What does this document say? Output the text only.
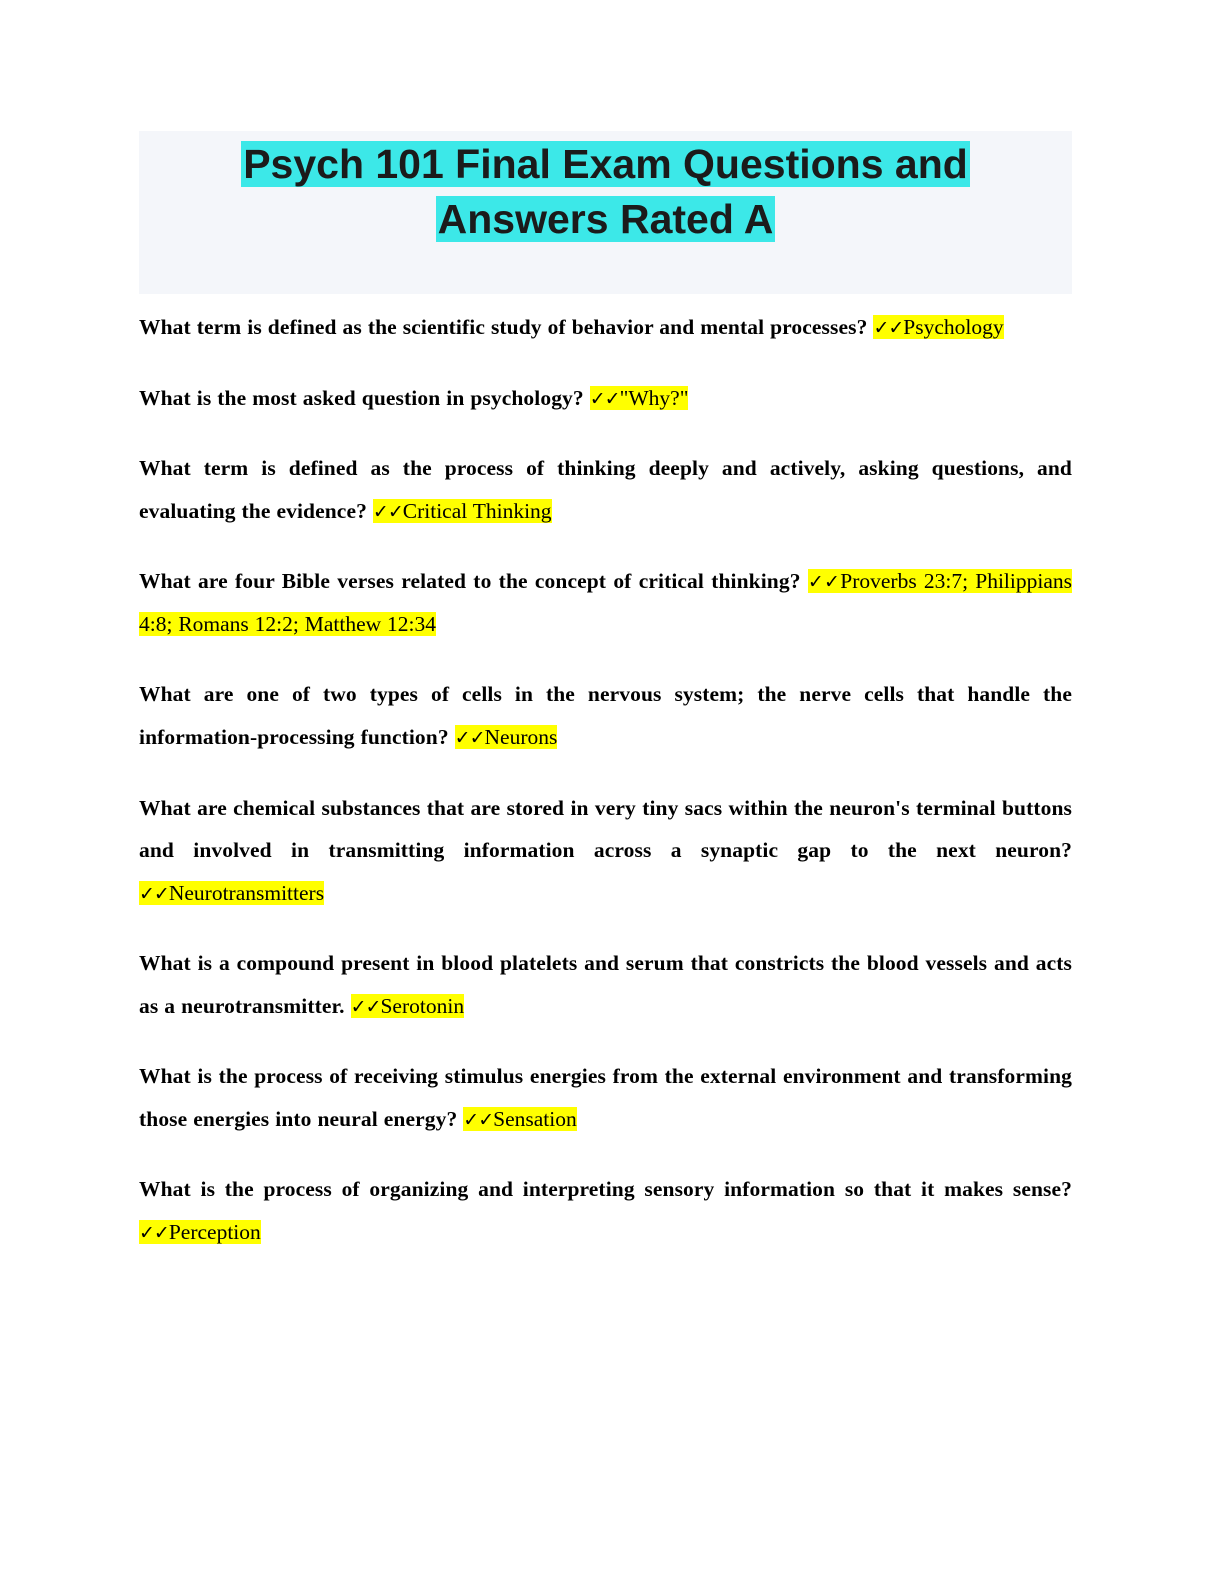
Psych 101 Final Exam Questions and
Answers Rated A

What term is defined as the scientific study of behavior and mental processes? ✓✓Psychology

What is the most asked question in psychology? ✓✓"Why?"

What term is defined as the process of thinking deeply and actively, asking questions, and evaluating the evidence? ✓✓Critical Thinking

What are four Bible verses related to the concept of critical thinking? ✓✓Proverbs 23:7; Philippians 4:8; Romans 12:2; Matthew 12:34

What are one of two types of cells in the nervous system; the nerve cells that handle the information-processing function? ✓✓Neurons

What are chemical substances that are stored in very tiny sacs within the neuron's terminal buttons and involved in transmitting information across a synaptic gap to the next neuron? ✓✓Neurotransmitters

What is a compound present in blood platelets and serum that constricts the blood vessels and acts as a neurotransmitter. ✓✓Serotonin

What is the process of receiving stimulus energies from the external environment and transforming those energies into neural energy? ✓✓Sensation

What is the process of organizing and interpreting sensory information so that it makes sense? ✓✓Perception
